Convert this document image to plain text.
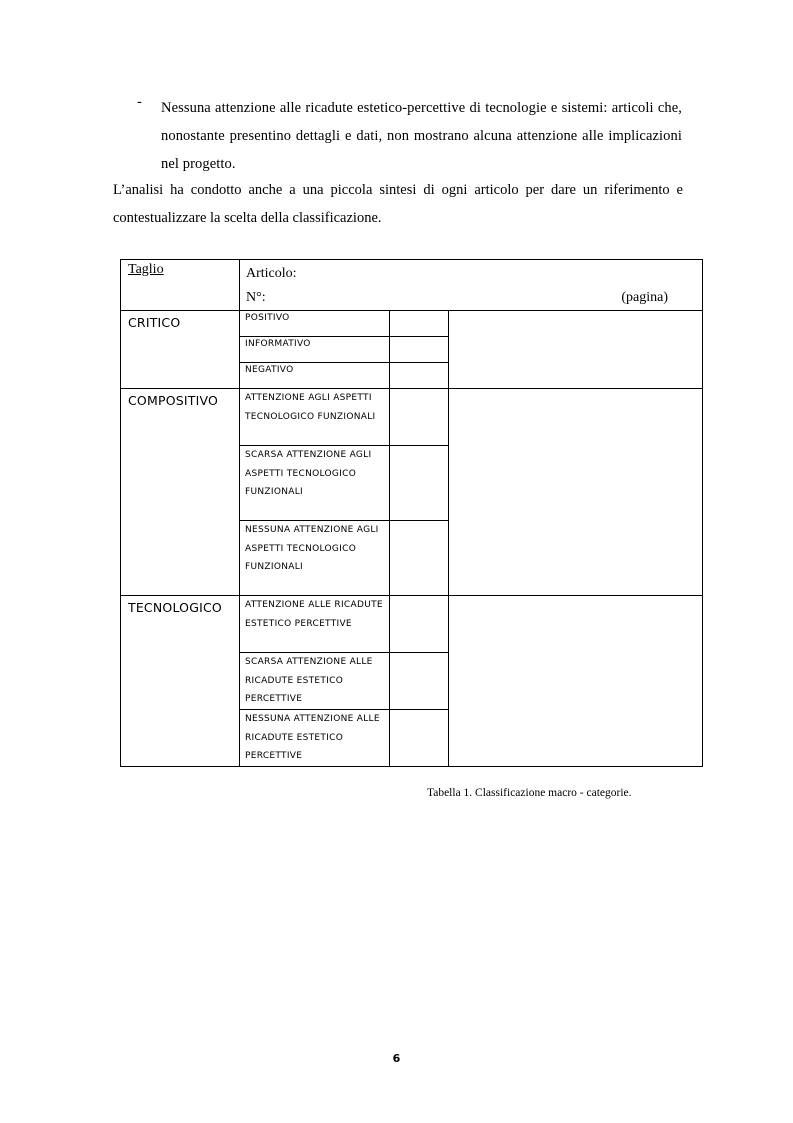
- Nessuna attenzione alle ricadute estetico-percettive di tecnologie e sistemi: articoli che, nonostante presentino dettagli e dati, non mostrano alcuna attenzione alle implicazioni nel progetto.
L’analisi ha condotto anche a una piccola sintesi di ogni articolo per dare un riferimento e contestualizzare la scelta della classificazione.
Taglio	Articolo:
N°: (pagina)		

CRITICO	POSITIVO		
	INFORMATIVO		
	NEGATIVO		
COMPOSITIVO	ATTENZIONE AGLI ASPETTI TECNOLOGICO FUNZIONALI		
	SCARSA ATTENZIONE AGLI ASPETTI TECNOLOGICO FUNZIONALI		
	NESSUNA ATTENZIONE AGLI ASPETTI TECNOLOGICO FUNZIONALI		
TECNOLOGICO	ATTENZIONE ALLE RICADUTE ESTETICO PERCETTIVE		
	SCARSA ATTENZIONE ALLE RICADUTE ESTETICO PERCETTIVE		
	NESSUNA ATTENZIONE ALLE RICADUTE ESTETICO PERCETTIVE		
Tabella 1. Classificazione macro - categorie.
6
